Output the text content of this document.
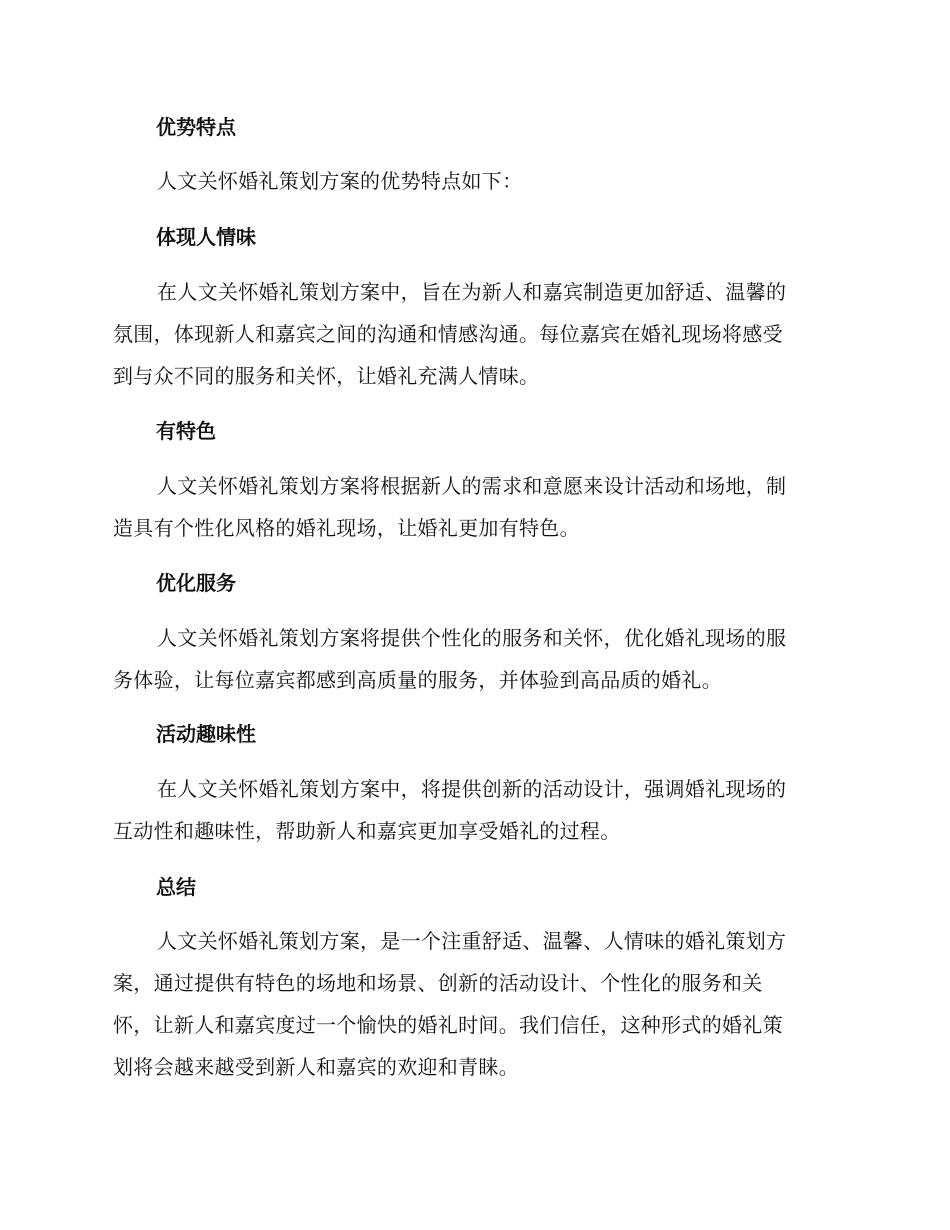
优势特点
人文关怀婚礼策划方案的优势特点如下：
体现人情味
在人文关怀婚礼策划方案中，旨在为新人和嘉宾制造更加舒适、温馨的
氛围，体现新人和嘉宾之间的沟通和情感沟通。每位嘉宾在婚礼现场将感受
到与众不同的服务和关怀，让婚礼充满人情味。
有特色
人文关怀婚礼策划方案将根据新人的需求和意愿来设计活动和场地，制
造具有个性化风格的婚礼现场，让婚礼更加有特色。
优化服务
人文关怀婚礼策划方案将提供个性化的服务和关怀，优化婚礼现场的服
务体验，让每位嘉宾都感到高质量的服务，并体验到高品质的婚礼。
活动趣味性
在人文关怀婚礼策划方案中，将提供创新的活动设计，强调婚礼现场的
互动性和趣味性，帮助新人和嘉宾更加享受婚礼的过程。
总结
人文关怀婚礼策划方案，是一个注重舒适、温馨、人情味的婚礼策划方
案，通过提供有特色的场地和场景、创新的活动设计、个性化的服务和关
怀，让新人和嘉宾度过一个愉快的婚礼时间。我们信任，这种形式的婚礼策
划将会越来越受到新人和嘉宾的欢迎和青睐。
